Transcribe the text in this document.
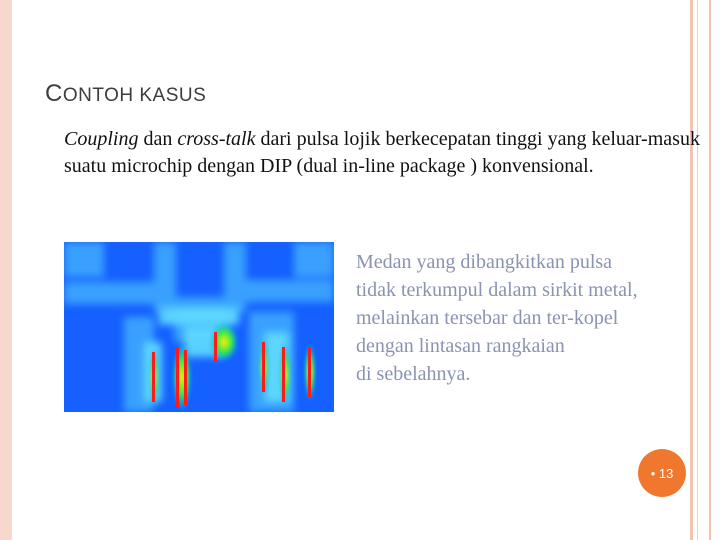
CONTOH KASUS
Coupling dan cross-talk dari pulsa lojik berkecepatan tinggi yang keluar-masuk suatu microchip dengan DIP (dual in-line package ) konvensional.
Medan yang dibangkitkan pulsa
tidak terkumpul dalam sirkit metal,
melainkan tersebar dan ter-kopel
dengan lintasan rangkaian
di sebelahnya.
• 13
